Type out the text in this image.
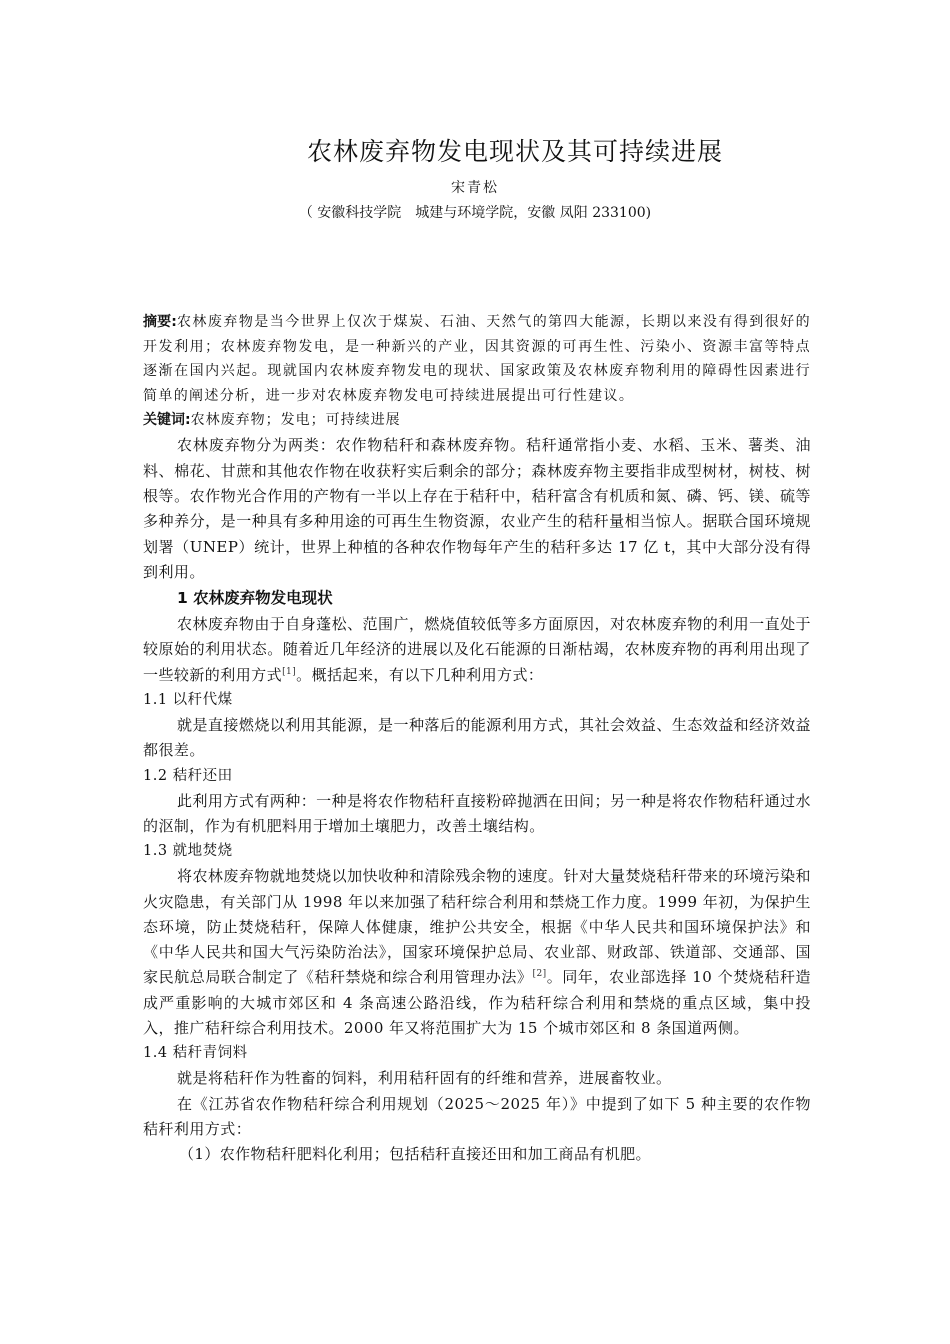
农林废弃物发电现状及其可持续进展
宋青松
（ 安徽科技学院　城建与环境学院，安徽 凤阳 233100)

摘要:农林废弃物是当今世界上仅次于煤炭、石油、天然气的第四大能源，长期以来没有得到很好的开发利用；农林废弃物发电，是一种新兴的产业，因其资源的可再生性、污染小、资源丰富等特点逐渐在国内兴起。现就国内农林废弃物发电的现状、国家政策及农林废弃物利用的障碍性因素进行简单的阐述分析，进一步对农林废弃物发电可持续进展提出可行性建议。

关键词:农林废弃物；发电；可持续进展

农林废弃物分为两类：农作物秸秆和森林废弃物。秸秆通常指小麦、水稻、玉米、薯类、油料、棉花、甘蔗和其他农作物在收获籽实后剩余的部分；森林废弃物主要指非成型树材，树枝、树根等。农作物光合作用的产物有一半以上存在于秸秆中，秸秆富含有机质和氮、磷、钙、镁、硫等多种养分，是一种具有多种用途的可再生生物资源，农业产生的秸秆量相当惊人。据联合国环境规划署（UNEP）统计，世界上种植的各种农作物每年产生的秸秆多达 17 亿 t，其中大部分没有得到利用。

1 农林废弃物发电现状

农林废弃物由于自身蓬松、范围广，燃烧值较低等多方面原因，对农林废弃物的利用一直处于较原始的利用状态。随着近几年经济的进展以及化石能源的日渐枯竭，农林废弃物的再利用出现了一些较新的利用方式[1]。概括起来，有以下几种利用方式：

1.1 以秆代煤

就是直接燃烧以利用其能源，是一种落后的能源利用方式，其社会效益、生态效益和经济效益都很差。

1.2 秸秆还田

此利用方式有两种：一种是将农作物秸秆直接粉碎抛洒在田间；另一种是将农作物秸秆通过水的沤制，作为有机肥料用于增加土壤肥力，改善土壤结构。

1.3 就地焚烧

将农林废弃物就地焚烧以加快收种和清除残余物的速度。针对大量焚烧秸秆带来的环境污染和火灾隐患，有关部门从 1998 年以来加强了秸秆综合利用和禁烧工作力度。1999 年初，为保护生态环境，防止焚烧秸秆，保障人体健康，维护公共安全，根据《中华人民共和国环境保护法》和《中华人民共和国大气污染防治法》，国家环境保护总局、农业部、财政部、铁道部、交通部、国家民航总局联合制定了《秸秆禁烧和综合利用管理办法》[2]。同年，农业部选择 10 个焚烧秸秆造成严重影响的大城市郊区和 4 条高速公路沿线，作为秸秆综合利用和禁烧的重点区域，集中投入，推广秸秆综合利用技术。2000 年又将范围扩大为 15 个城市郊区和 8 条国道两侧。

1.4 秸秆青饲料

就是将秸秆作为牲畜的饲料，利用秸秆固有的纤维和营养，进展畜牧业。

在《江苏省农作物秸秆综合利用规划（2025～2025 年）》中提到了如下 5 种主要的农作物秸秆利用方式：

（1）农作物秸秆肥料化利用；包括秸秆直接还田和加工商品有机肥。
